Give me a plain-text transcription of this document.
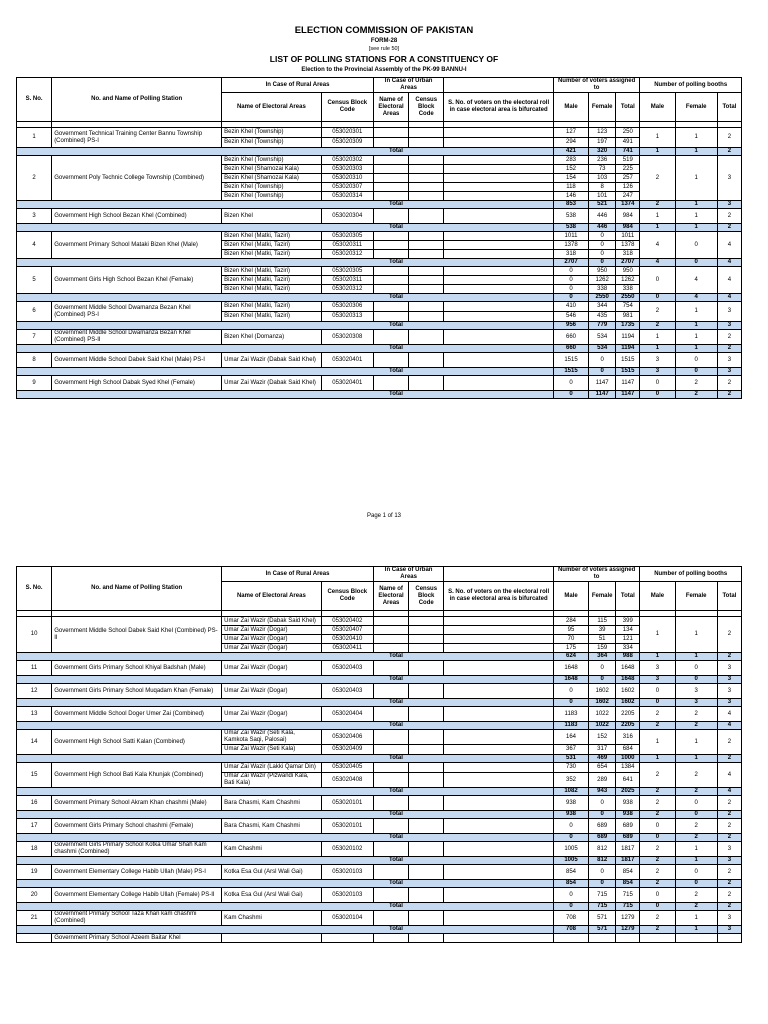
ELECTION COMMISSION OF PAKISTAN
FORM-28
[see rule 50]
LIST OF POLLING STATIONS FOR A CONSTITUENCY OF
Election to the Provincial Assembly of the PK-99 BANNU-I
S. No.	No. and Name of Polling Station	In Case of Rural Areas		In Case of Urban Areas			Number of voters assigned to			Number of polling booths		
		Name of Electoral Areas	Census Block Code	Name of Electoral Areas	Census Block Code	S. No. of voters on the electoral roll in case electoral area is bifurcated	Male	Female	Total	Male	Female	Total

1	Government Technical Training Center Bannu Township (Combined) PS-I	Bezin Khel (Township)	053020301				127	123	250	1	1	2
		Bezin Khel (Township)	053020309				294	197	491			
Total							421	320	741	1	1	2
2	Government Poly Technic College Township (Combined)	Bezin Khel (Township)	053020302				283	236	519	2	1	3
		Bezin Khel (Shamozai Kala)	053020303				152	73	225			
		Bezin Khel (Shamozai Kala)	053020310				154	103	257			
		Bezin Khel (Township)	053020307				118	8	126			
		Bezin Khel (Township)	053020314				146	101	247			
Total							853	521	1374	2	1	3
3	Government High School Bezan Khel (Combined)	Bizen Khel	053020304				538	446	984	1	1	2
Total							538	446	984	1	1	2
4	Government Primary School Mataki Bizen Khel (Male)	Bizen Khel (Matki, Taziri)	053020305				1011	0	1011	4	0	4
		Bizen Khel (Matki, Taziri)	053020311				1378	0	1378			
		Bizen Khel (Matki, Taziri)	053020312				318	0	318			
Total							2707	0	2707	4	0	4
5	Government Girls High School Bezan Khel (Female)	Bizen Khel (Matki, Taziri)	053020305				0	950	950	0	4	4
		Bizen Khel (Matki, Taziri)	053020311				0	1262	1262			
		Bizen Khel (Matki, Taziri)	053020312				0	338	338			
Total							0	2550	2550	0	4	4
6	Government Middle School Dwamanza Bezan Khel (Combined) PS-I	Bizen Khel (Matki, Taziri)	053020306				410	344	754	2	1	3
		Bizen Khel (Matki, Taziri)	053020313				546	435	981			
Total							956	779	1735	2	1	3
7	Government Middle School Dwamanza Bezan Khel (Combined) PS-II	Bizen Khel (Domanza)	053020308				660	534	1194	1	1	2
Total							660	534	1194	1	1	2
8	Government Middle School Dabek Said Khel (Male) PS-I	Umar Zai Wazir (Dabak Said Khel)	053020401				1515	0	1515	3	0	3
Total							1515	0	1515	3	0	3
9	Government High School Dabak Syed Khel (Female)	Umar Zai Wazir (Dabak Said Khel)	053020401				0	1147	1147	0	2	2
Total							0	1147	1147	0	2	2
Page 1 of 13
S. No.	No. and Name of Polling Station	In Case of Rural Areas		In Case of Urban Areas			Number of voters assigned to			Number of polling booths		
		Name of Electoral Areas	Census Block Code	Name of Electoral Areas	Census Block Code	S. No. of voters on the electoral roll in case electoral area is bifurcated	Male	Female	Total	Male	Female	Total

10	Government Middle School Dabek Said Khel (Combined) PS-II	Umar Zai Wazir (Dabak Said Khel)	053020402				284	115	399	1	1	2
		Umar Zai Wazir (Dogar)	053020407				95	39	134			
		Umar Zai Wazir (Dogar)	053020410				70	51	121			
		Umar Zai Wazir (Dogar)	053020411				175	159	334			
Total							624	364	988	1	1	2
11	Government Girls Primary School Khiyal Badshah (Male)	Umar Zai Wazir (Dogar)	053020403				1648	0	1648	3	0	3
Total							1648	0	1648	3	0	3
12	Government Girls Primary School Muqadam Khan (Female)	Umar Zai Wazir (Dogar)	053020403				0	1602	1602	0	3	3
Total							0	1602	1602	0	3	3
13	Government Middle School Doger Umer Zai (Combined)	Umar Zai Wazir (Dogar)	053020404				1183	1022	2205	2	2	4
Total							1183	1022	2205	2	2	4
14	Government High School Satti Kalan (Combined)	Umar Zai Wazir (Seti Kala, Kamkota Saqi, Palosai)	053020406				164	152	316	1	1	2
		Umar Zai Wazir (Seti Kala)	053020409				367	317	684			
Total							531	469	1000	1	1	2
15	Government High School Bati Kala Khunjak (Combined)	Umar Zai Wazir (Lakki Qamar Din)	053020405				730	654	1384	2	2	4
		Umar Zai Wazir (Pizwandi Kala, Bati Kala)	053020408				352	289	641			
Total							1082	943	2025	2	2	4
16	Government Primary School Akram Khan chashmi (Male)	Bara Chasmi, Kam Chashmi	053020101				938	0	938	2	0	2
Total							938	0	938	2	0	2
17	Government Girls Primary School chashmi (Female)	Bara Chasmi, Kam Chashmi	053020101				0	689	689	0	2	2
Total							0	689	689	0	2	2
18	Government Girls Primary School Kotka Umar Shah Kam chashmi (Combined)	Kam Chashmi	053020102				1005	812	1817	2	1	3
Total							1005	812	1817	2	1	3
19	Government Elementary College Habib Ullah (Male) PS-I	Kotka Esa Gul (Arsl Wali Gai)	053020103				854	0	854	2	0	2
Total							854	0	854	2	0	2
20	Government Elementary College Habib Ullah (Female) PS-II	Kotka Esa Gul (Arsl Wali Gai)	053020103				0	715	715	0	2	2
Total							0	715	715	0	2	2
21	Government Primary School Taza Khan kam chashmi (Combined)	Kam Chashmi	053020104				708	571	1279	2	1	3
Total							708	571	1279	2	1	3
	Government Primary School Azeem Baitar Khel											
